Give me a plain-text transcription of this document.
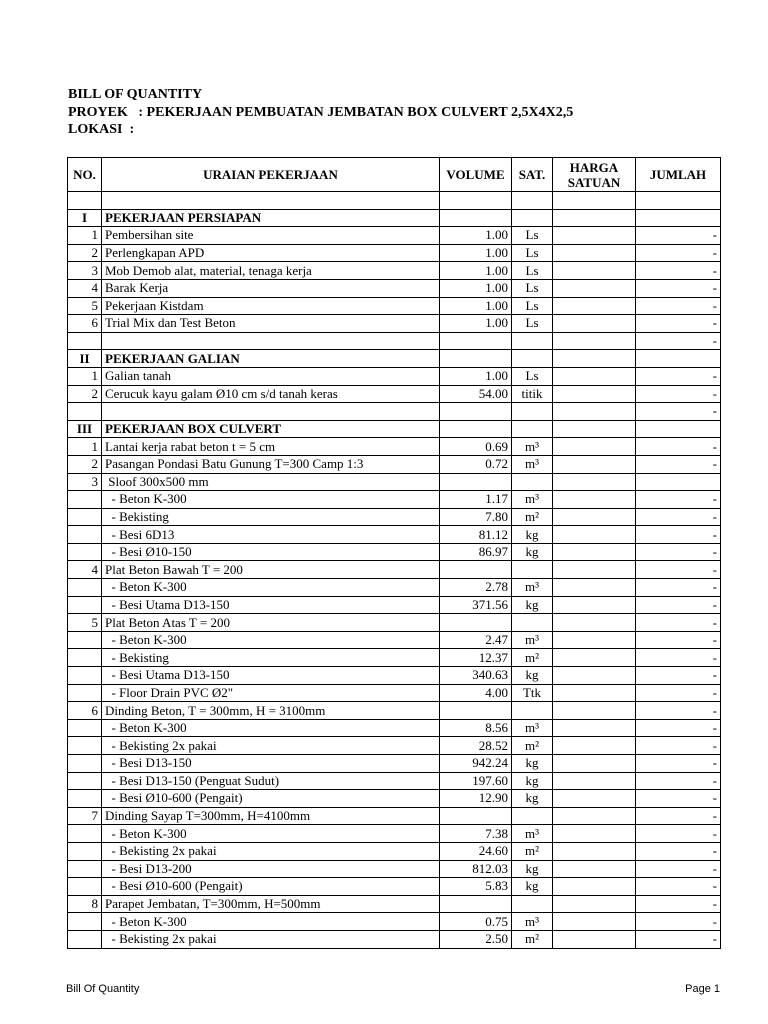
BILL OF QUANTITY
PROYEK   : PEKERJAAN PEMBUATAN JEMBATAN BOX CULVERT 2,5X4X2,5
LOKASI  :
NO.	URAIAN PEKERJAAN	VOLUME	SAT.	HARGA SATUAN	JUMLAH

I	PEKERJAAN PERSIAPAN				
1	Pembersihan site	1.00	Ls		-
2	Perlengkapan APD	1.00	Ls		-
3	Mob Demob alat, material, tenaga kerja	1.00	Ls		-
4	Barak Kerja	1.00	Ls		-
5	Pekerjaan Kistdam	1.00	Ls		-
6	Trial Mix dan Test Beton	1.00	Ls		-
					-
II	PEKERJAAN GALIAN				
1	Galian tanah	1.00	Ls		-
2	Cerucuk kayu galam Ø10 cm s/d tanah keras	54.00	titik		-
					-
III	PEKERJAAN BOX CULVERT				
1	Lantai kerja rabat beton t = 5 cm	0.69	m³		-
2	Pasangan Pondasi Batu Gunung T=300 Camp 1:3	0.72	m³		-
3	Sloof 300x500 mm				
	- Beton K-300	1.17	m³		-
	- Bekisting	7.80	m²		-
	- Besi 6D13	81.12	kg		-
	- Besi Ø10-150	86.97	kg		-
4	Plat Beton Bawah T = 200				-
	- Beton K-300	2.78	m³		-
	- Besi Utama D13-150	371.56	kg		-
5	Plat Beton Atas T = 200				-
	- Beton K-300	2.47	m³		-
	- Bekisting	12.37	m²		-
	- Besi Utama D13-150	340.63	kg		-
	- Floor Drain PVC Ø2"	4.00	Ttk		-
6	Dinding Beton, T = 300mm, H = 3100mm				-
	- Beton K-300	8.56	m³		-
	- Bekisting 2x pakai	28.52	m²		-
	- Besi D13-150	942.24	kg		-
	- Besi D13-150 (Penguat Sudut)	197.60	kg		-
	- Besi Ø10-600 (Pengait)	12.90	kg		-
7	Dinding Sayap T=300mm, H=4100mm				-
	- Beton K-300	7.38	m³		-
	- Bekisting 2x pakai	24.60	m²		-
	- Besi D13-200	812.03	kg		-
	- Besi Ø10-600 (Pengait)	5.83	kg		-
8	Parapet Jembatan, T=300mm, H=500mm				-
	- Beton K-300	0.75	m³		-
	- Bekisting 2x pakai	2.50	m²		-
Bill Of Quantity	Page 1
